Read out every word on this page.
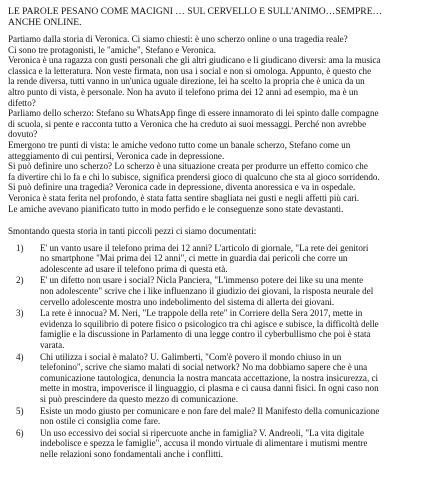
LE PAROLE PESANO COME MACIGNI … SUL CERVELLO E SULL'ANIMO…SEMPRE…
ANCHE ONLINE.

Partiamo dalla storia di Veronica. Ci siamo chiesti: è uno scherzo online o una tragedia reale?

Ci sono tre protagonisti, le "amiche", Stefano e Veronica.

Veronica è una ragazza con gusti personali che gli altri giudicano e li giudicano diversi: ama la musica

classica e la letteratura. Non veste firmata, non usa i social e non si omologa. Appunto, è questo che

la rende diversa, tutti vanno in un'unica uguale direzione, lei ha scelto la propria che è unica da un

altro punto di vista, è personale. Non ha avuto il telefono prima dei 12 anni ad esempio, ma è un

difetto?

Parliamo dello scherzo: Stefano su WhatsApp finge di essere innamorato di lei spinto dalle compagne

di scuola, si pente e racconta tutto a Veronica che ha creduto ai suoi messaggi. Perché non avrebbe

dovuto?

Emergono tre punti di vista: le amiche vedono tutto come un banale scherzo, Stefano come un

atteggiamento di cui pentirsi, Veronica cade in depressione.

Si può definire uno scherzo? Lo scherzo è una situazione creata per produrre un effetto comico che

fa divertire chi lo fa e chi lo subisce, significa prendersi gioco di qualcuno che sta al gioco sorridendo.

Si può definire una tragedia? Veronica cade in depressione, diventa anoressica e va in ospedale.

Veronica è stata ferita nel profondo, è stata fatta sentire sbagliata nei gusti e negli affetti più cari.

Le amiche avevano pianificato tutto in modo perfido e le conseguenze sono state devastanti.

Smontando questa storia in tanti piccoli pezzi ci siamo documentati:

1)	E' un vanto usare il telefono prima dei 12 anni? L'articolo di giornale, "La rete dei genitori
no smartphone "Mai prima dei 12 anni", ci mette in guardia dai pericoli che corre un
adolescente ad usare il telefono prima di questa età.
2)	E' un difetto non usare i social? Nicla Panciera, "L'immenso potere dei like su una mente
non adolescente" scrive che i like influenzano il giudizio dei giovani, la risposta neurale del
cervello adolescente mostra uno indebolimento del sistema di allerta dei giovani.
3)	La rete è innocua? M. Neri, "Le trappole della rete" in Corriere della Sera 2017, mette in
evidenza lo squilibrio di potere fisico o psicologico tra chi agisce e subisce, la difficoltà delle
famiglie e la discussione in Parlamento di una legge contro il cyberbullismo che poi è stata
varata.
4)	Chi utilizza i social è malato? U. Galimberti, "Com'è povero il mondo chiuso in un
telefonino", scrive che siamo malati di social network? No ma dobbiamo sapere che è una
comunicazione tautologica, denuncia la nostra mancata accettazione, la nostra insicurezza, ci
mette in mostra, impoverisce il linguaggio, ci plasma e ci causa danni fisici. In ogni caso non
si può prescindere da questo mezzo di comunicazione.
5)	Esiste un modo giusto per comunicare e non fare del male? Il Manifesto della comunicazione
non ostile ci consiglia come fare.
6)	Un uso eccessivo dei social si ripercuote anche in famiglia? V. Andreoli, "La vita digitale
indebolisce e spezza le famiglie", accusa il mondo virtuale di alimentare i mutismi mentre
nelle relazioni sono fondamentali anche i conflitti.
